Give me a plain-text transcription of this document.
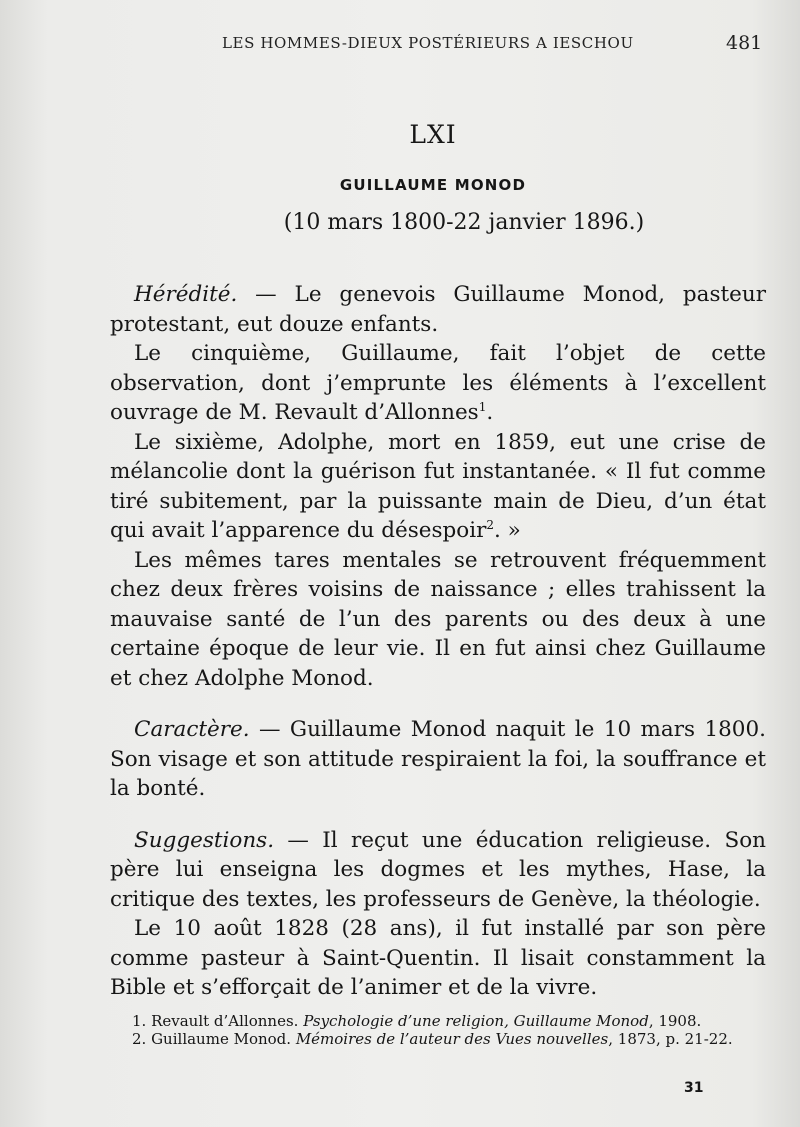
LES HOMMES-DIEUX POSTÉRIEURS A IESCHOU	481
LXI
GUILLAUME MONOD
(10 mars 1800-22 janvier 1896.)

Hérédité. — Le genevois Guillaume Monod, pasteur protestant, eut douze enfants.

Le cinquième, Guillaume, fait l’objet de cette observation, dont j’emprunte les éléments à l’excellent ouvrage de M. Revault d’Allonnes$^1$.

Le sixième, Adolphe, mort en 1859, eut une crise de mélancolie dont la guérison fut instantanée. « Il fut comme tiré subitement, par la puissante main de Dieu, d’un état qui avait l’apparence du désespoir$^2$. »

Les mêmes tares mentales se retrouvent fréquemment chez deux frères voisins de naissance ; elles trahissent la mauvaise santé de l’un des parents ou des deux à une certaine époque de leur vie. Il en fut ainsi chez Guillaume et chez Adolphe Monod.

Caractère. — Guillaume Monod naquit le 10 mars 1800. Son visage et son attitude respiraient la foi, la souffrance et la bonté.

Suggestions. — Il reçut une éducation religieuse. Son père lui enseigna les dogmes et les mythes, Hase, la critique des textes, les professeurs de Genève, la théologie.

Le 10 août 1828 (28 ans), il fut installé par son père comme pasteur à Saint-Quentin. Il lisait constamment la Bible et s’efforçait de l’animer et de la vivre.

1. Revault d’Allonnes. Psychologie d’une religion, Guillaume Monod, 1908.

2. Guillaume Monod. Mémoires de l’auteur des Vues nouvelles, 1873, p. 21-22.

31
